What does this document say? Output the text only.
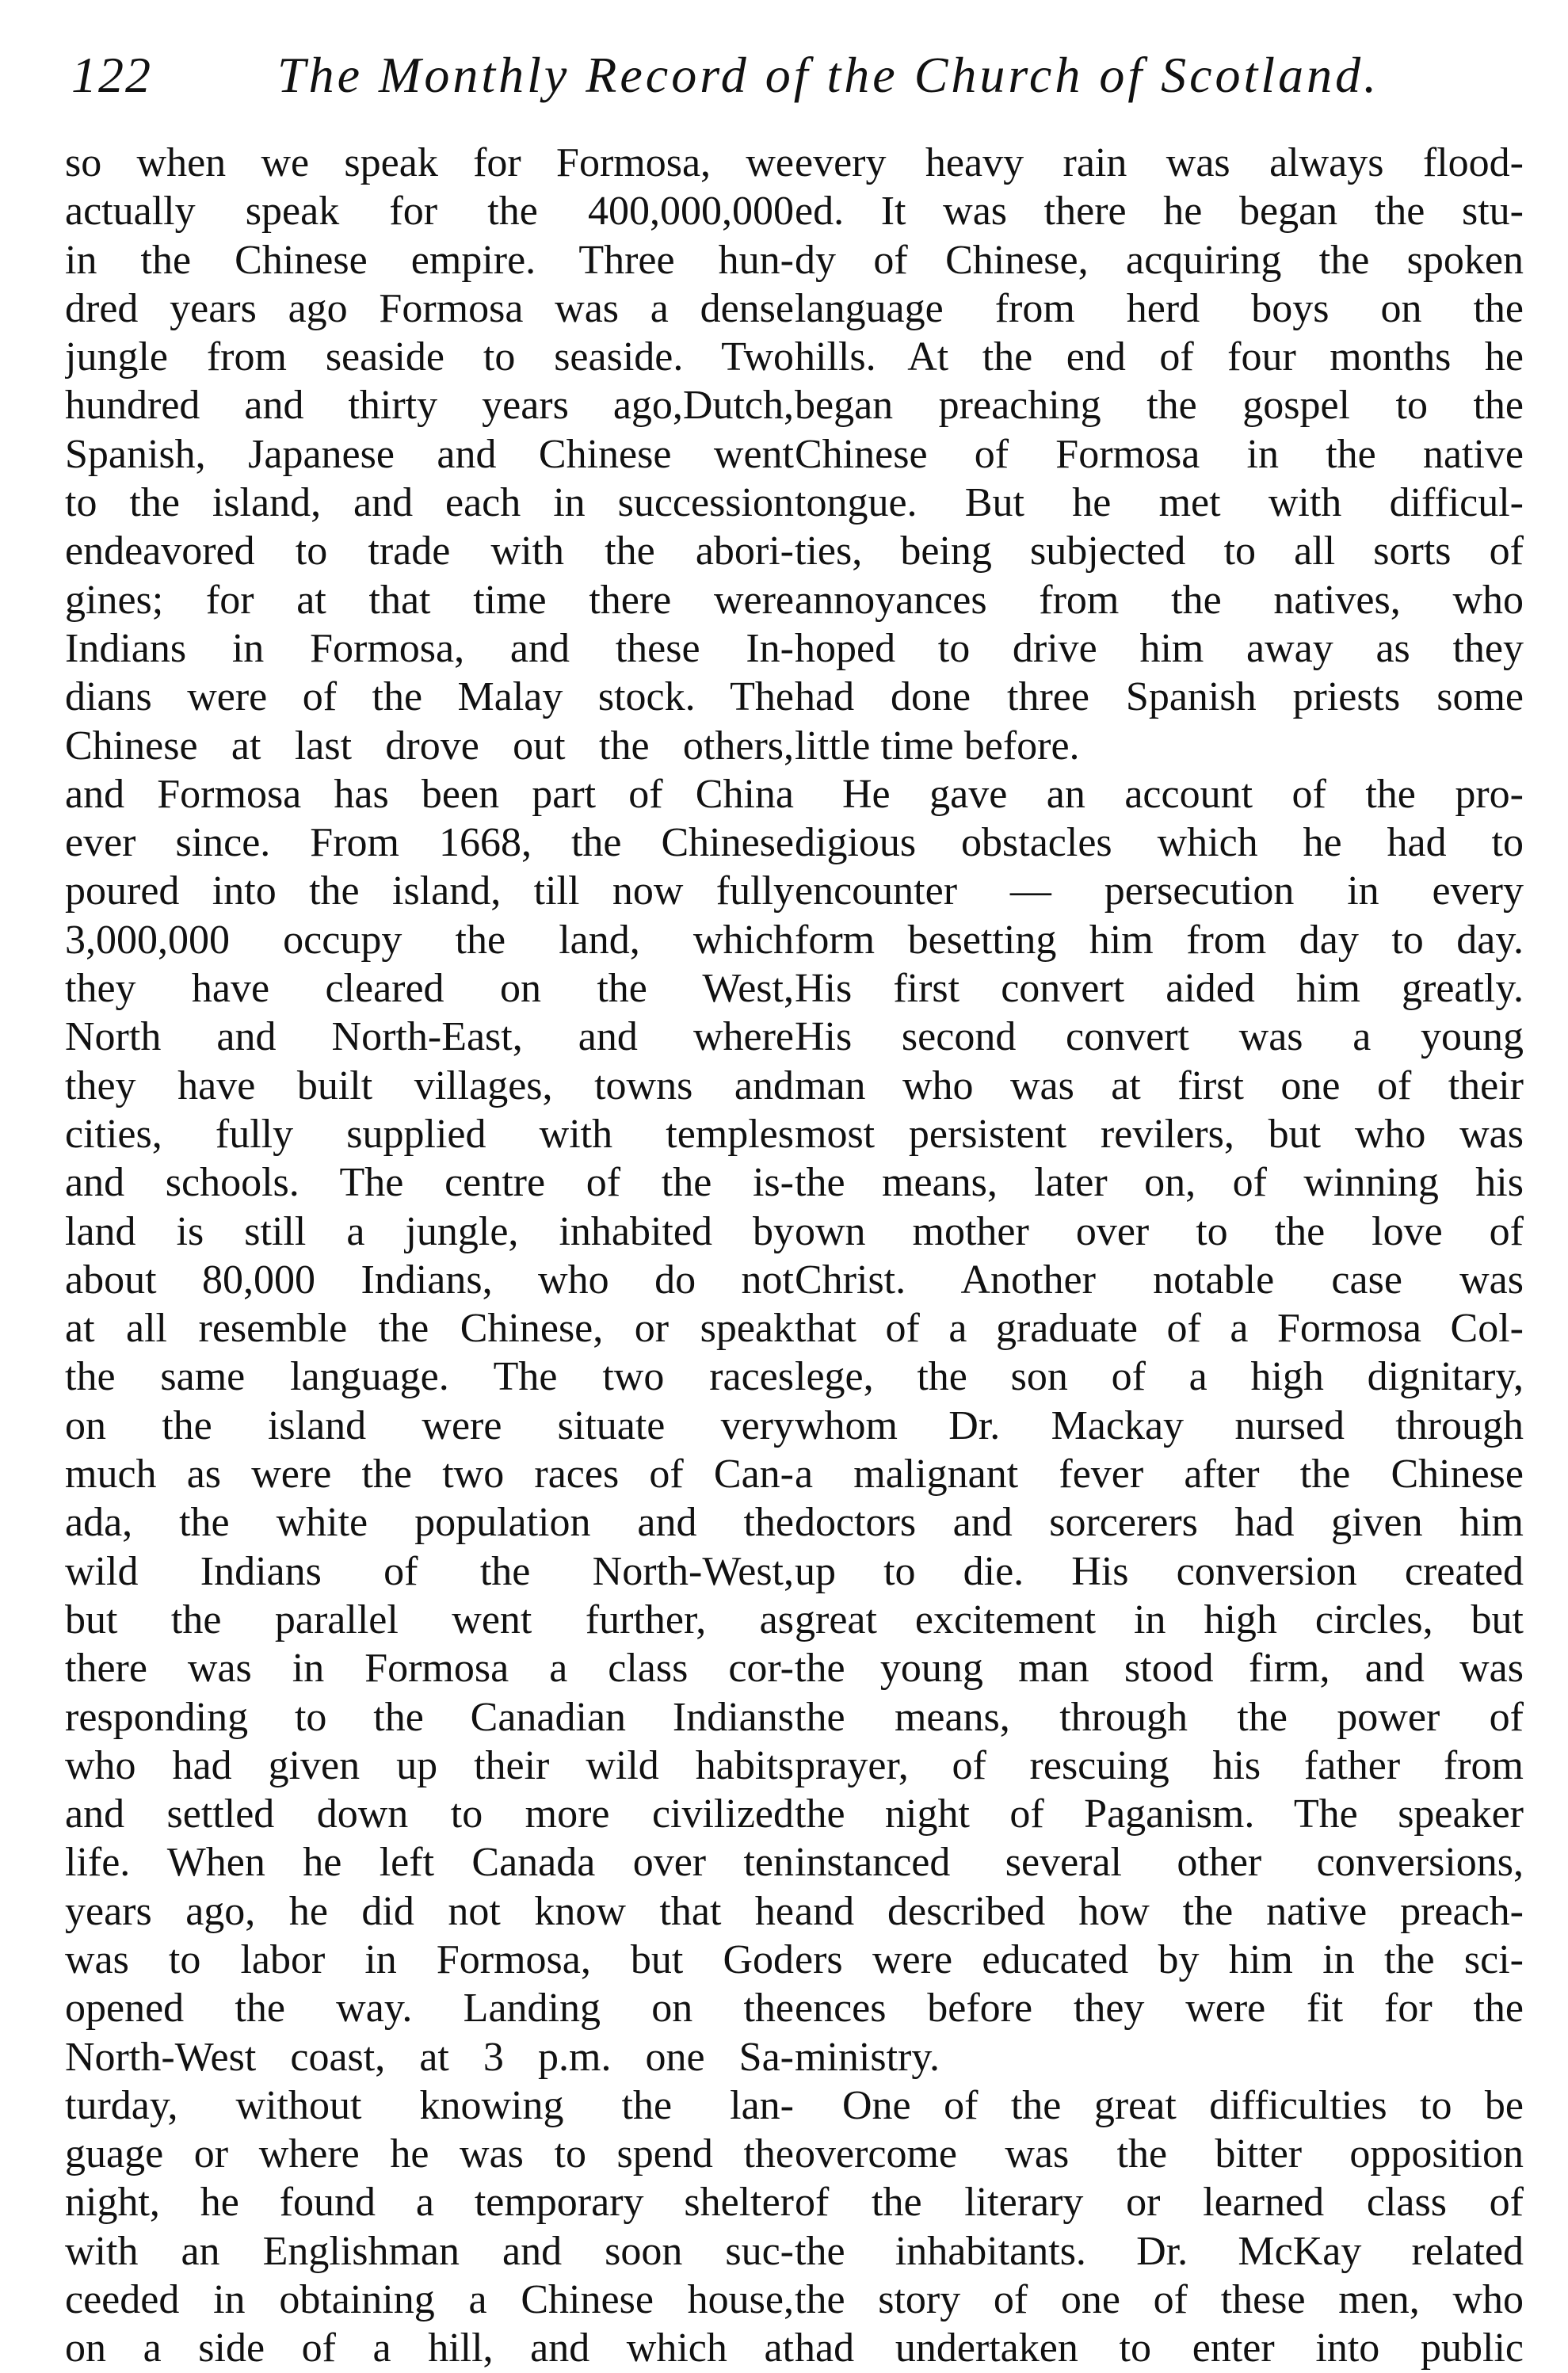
122 The Monthly Record of the Church of Scotland.
so when we speak for Formosa, we
actually speak for the 400,000,000
in the Chinese empire. Three hun-
dred years ago Formosa was a dense
jungle from seaside to seaside. Two
hundred and thirty years ago,Dutch,
Spanish, Japanese and Chinese went
to the island, and each in succession
endeavored to trade with the abori-
gines; for at that time there were
Indians in Formosa, and these In-
dians were of the Malay stock. The
Chinese at last drove out the others,
and Formosa has been part of China
ever since. From 1668, the Chinese
poured into the island, till now fully
3,000,000 occupy the land, which
they have cleared on the West,
North and North-East, and where
they have built villages, towns and
cities, fully supplied with temples
and schools. The centre of the is-
land is still a jungle, inhabited by
about 80,000 Indians, who do not
at all resemble the Chinese, or speak
the same language. The two races
on the island were situate very
much as were the two races of Can-
ada, the white population and the
wild Indians of the North-West,
but the parallel went further, as
there was in Formosa a class cor-
responding to the Canadian Indians
who had given up their wild habits
and settled down to more civilized
life. When he left Canada over ten
years ago, he did not know that he
was to labor in Formosa, but God
opened the way. Landing on the
North-West coast, at 3 p.m. one Sa-
turday, without knowing the lan-
guage or where he was to spend the
night, he found a temporary shelter
with an Englishman and soon suc-
ceeded in obtaining a Chinese house,
on a side of a hill, and which at
every heavy rain was always flood-
ed. It was there he began the stu-
dy of Chinese, acquiring the spoken
language from herd boys on the
hills. At the end of four months he
began preaching the gospel to the
Chinese of Formosa in the native
tongue. But he met with difficul-
ties, being subjected to all sorts of
annoyances from the natives, who
hoped to drive him away as they
had done three Spanish priests some
little time before.
He gave an account of the pro-
digious obstacles which he had to
encounter — persecution in every
form besetting him from day to day.
His first convert aided him greatly.
His second convert was a young
man who was at first one of their
most persistent revilers, but who was
the means, later on, of winning his
own mother over to the love of
Christ. Another notable case was
that of a graduate of a Formosa Col-
lege, the son of a high dignitary,
whom Dr. Mackay nursed through
a malignant fever after the Chinese
doctors and sorcerers had given him
up to die. His conversion created
great excitement in high circles, but
the young man stood firm, and was
the means, through the power of
prayer, of rescuing his father from
the night of Paganism. The speaker
instanced several other conversions,
and described how the native preach-
ers were educated by him in the sci-
ences before they were fit for the
ministry.
One of the great difficulties to be
overcome was the bitter opposition
of the literary or learned class of
the inhabitants. Dr. McKay related
the story of one of these men, who
had undertaken to enter into public
